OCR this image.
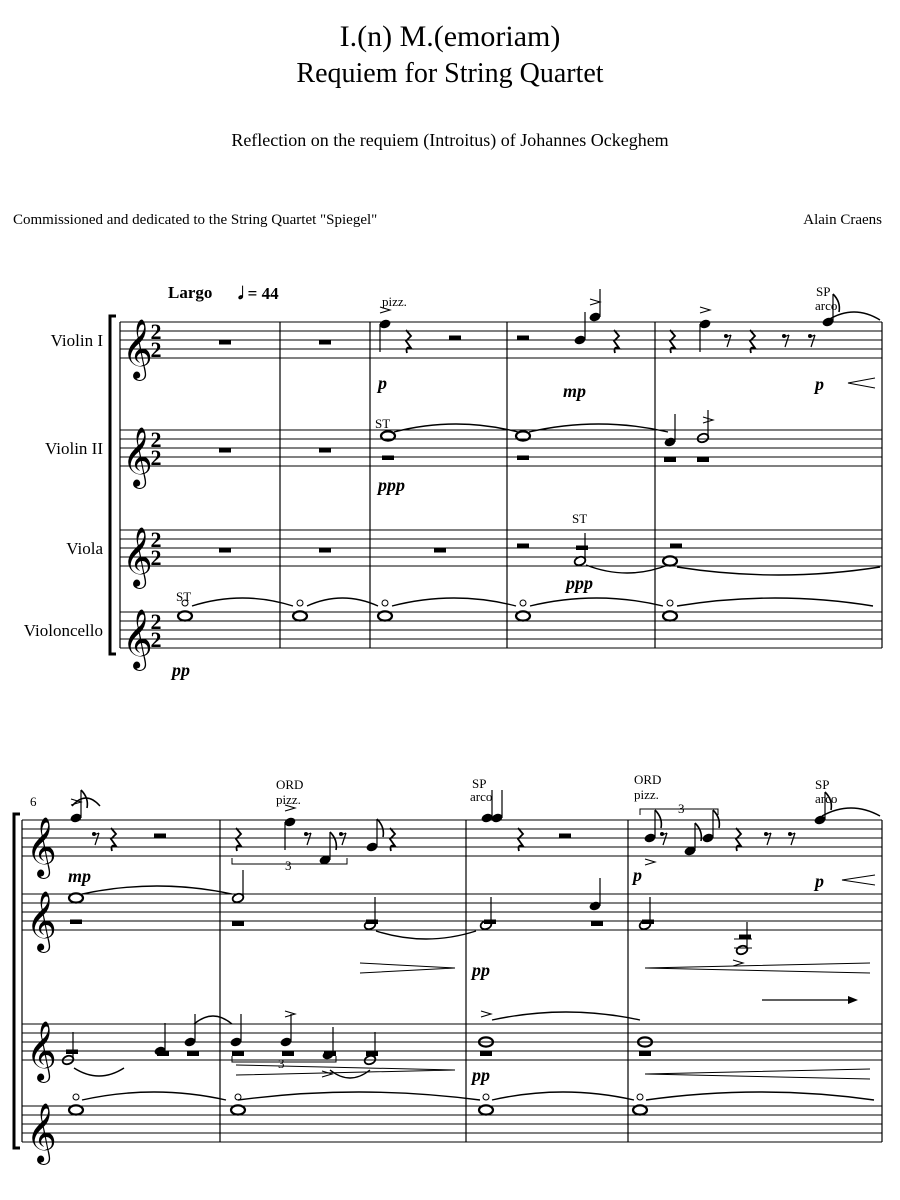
I.(n) M.(emoriam)
Requiem for String Quartet
Reflection on the requiem (Introitus) of Johannes Ockeghem
Commissioned and dedicated to the String Quartet "Spiegel"	Alain Craens
𝄞
2
2
Violin I
𝄞
2
2
Violin II
𝄞
2
2
Viola
𝄞
2
2
Violoncello
Largo 𝅗𝅥 = 44	pizz.
p	mp
SP
arco
p
ST
ppp
ST
ppp
ST
pp
𝄞
𝄞
𝄞
𝄞
6
mp
ORD
pizz.
3
SP
arco
ORD
pizz.
3
p
SP
arco
p
pp
3
pp
